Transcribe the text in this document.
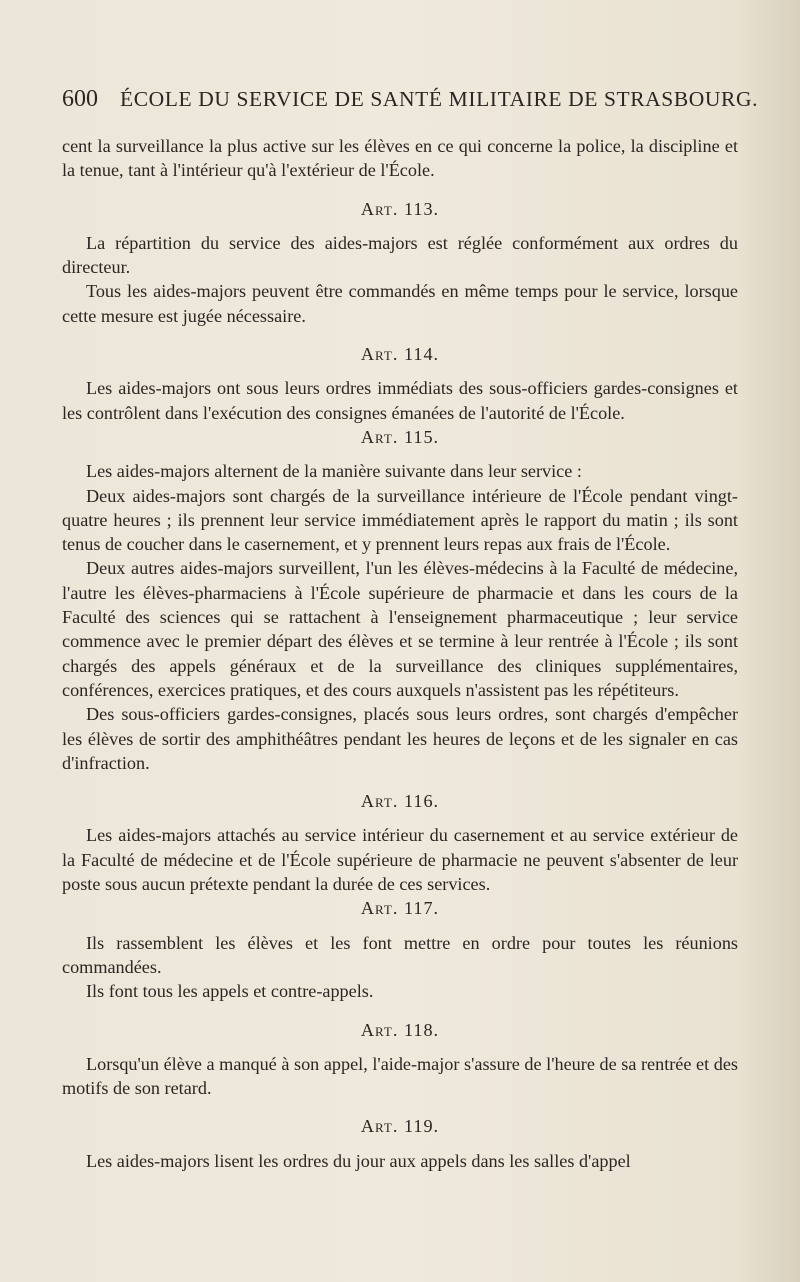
600 ÉCOLE DU SERVICE DE SANTÉ MILITAIRE DE STRASBOURG.

cent la surveillance la plus active sur les élèves en ce qui concerne la police, la discipline et la tenue, tant à l'intérieur qu'à l'extérieur de l'École.

Art. 113.

La répartition du service des aides-majors est réglée conformément aux ordres du directeur.

Tous les aides-majors peuvent être commandés en même temps pour le service, lorsque cette mesure est jugée nécessaire.

Art. 114.

Les aides-majors ont sous leurs ordres immédiats des sous-officiers gardes-consignes et les contrôlent dans l'exécution des consignes émanées de l'autorité de l'École.

Art. 115.

Les aides-majors alternent de la manière suivante dans leur service :

Deux aides-majors sont chargés de la surveillance intérieure de l'École pendant vingt-quatre heures ; ils prennent leur service immédiatement après le rapport du matin ; ils sont tenus de coucher dans le casernement, et y prennent leurs repas aux frais de l'École.

Deux autres aides-majors surveillent, l'un les élèves-médecins à la Faculté de médecine, l'autre les élèves-pharmaciens à l'École supérieure de pharmacie et dans les cours de la Faculté des sciences qui se rattachent à l'enseignement pharmaceutique ; leur service commence avec le premier départ des élèves et se termine à leur rentrée à l'École ; ils sont chargés des appels généraux et de la surveillance des cliniques supplémentaires, conférences, exercices pratiques, et des cours auxquels n'assistent pas les répétiteurs.

Des sous-officiers gardes-consignes, placés sous leurs ordres, sont chargés d'empêcher les élèves de sortir des amphithéâtres pendant les heures de leçons et de les signaler en cas d'infraction.

Art. 116.

Les aides-majors attachés au service intérieur du casernement et au service extérieur de la Faculté de médecine et de l'École supérieure de pharmacie ne peuvent s'absenter de leur poste sous aucun prétexte pendant la durée de ces services.

Art. 117.

Ils rassemblent les élèves et les font mettre en ordre pour toutes les réunions commandées.

Ils font tous les appels et contre-appels.

Art. 118.

Lorsqu'un élève a manqué à son appel, l'aide-major s'assure de l'heure de sa rentrée et des motifs de son retard.

Art. 119.

Les aides-majors lisent les ordres du jour aux appels dans les salles d'appel
